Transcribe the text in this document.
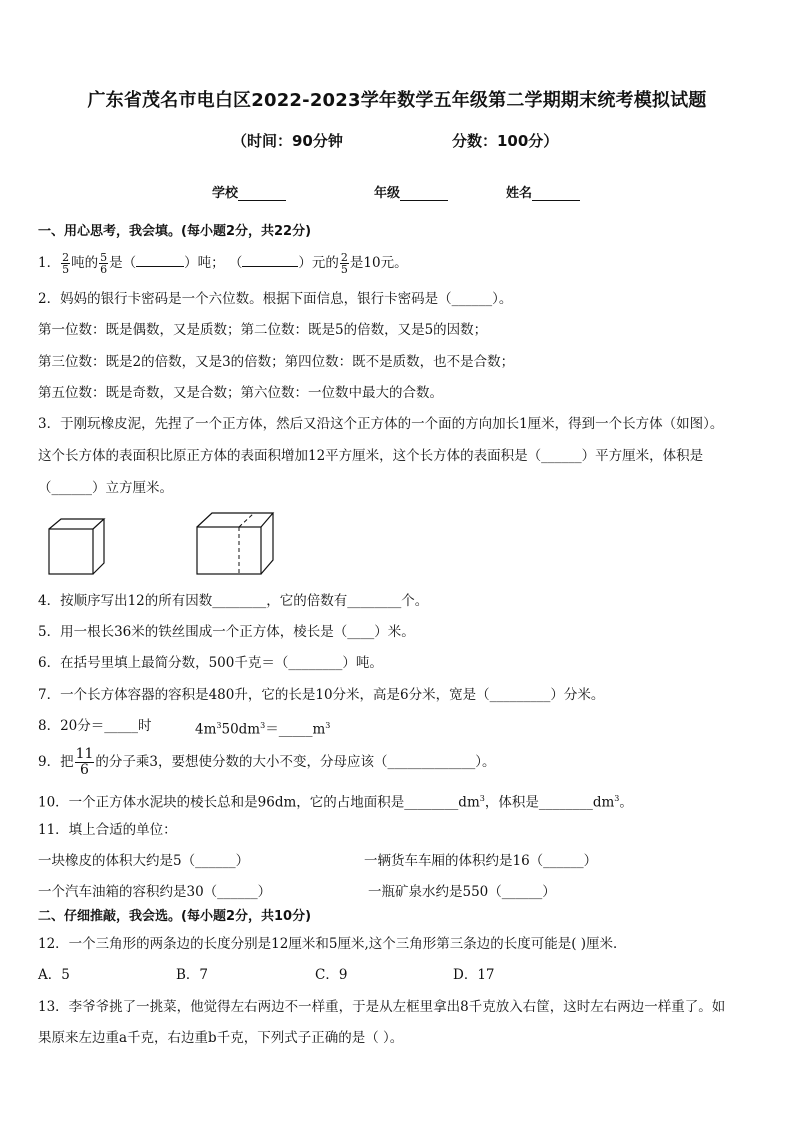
广东省茂名市电白区2022-2023学年数学五年级第二学期期末统考模拟试题
（时间：90分钟	分数：100分）
学校	年级	姓名
一、用心思考，我会填。(每小题2分，共22分)
1． $\frac{2}{5}$ 吨的 $\frac{5}{6}$ 是（	）吨； （	）元的 $\frac{2}{5}$ 是10元。
2．妈妈的银行卡密码是一个六位数。根据下面信息，银行卡密码是（______）。
第一位数：既是偶数，又是质数；第二位数：既是5的倍数，又是5的因数；
第三位数：既是2的倍数，又是3的倍数；第四位数：既不是质数，也不是合数；
第五位数：既是奇数，又是合数；第六位数：一位数中最大的合数。
3．于刚玩橡皮泥，先捏了一个正方体，然后又沿这个正方体的一个面的方向加长1厘米，得到一个长方体（如图）。
这个长方体的表面积比原正方体的表面积增加12平方厘米，这个长方体的表面积是（______）平方厘米，体积是
（______）立方厘米。
4．按顺序写出12的所有因数________，它的倍数有________个。
5．用一根长36米的铁丝围成一个正方体，棱长是（____）米。
6．在括号里填上最简分数，500千克＝（________）吨。
7．一个长方体容器的容积是480升，它的长是10分米，高是6分米，宽是（_________）分米。
8．20分＝_____时	$4m^350dm^3=\_\_\_\_\_m^3$
9．把 $\frac{11}{6}$ 的分子乘3，要想使分数的大小不变，分母应该（_____________）。
10．一个正方体水泥块的棱长总和是96dm，它的占地面积是$\_\_\_\_\_\_\_\_dm^3$，体积是$\_\_\_\_\_\_\_\_dm^3$。
11．填上合适的单位：
一块橡皮的体积大约是5（______）	一辆货车车厢的体积约是16（______）
一个汽车油箱的容积约是30（______）	一瓶矿泉水约是550（______）
二、仔细推敲，我会选。(每小题2分，共10分)
12．一个三角形的两条边的长度分别是12厘米和5厘米,这个三角形第三条边的长度可能是( )厘米．
A．5	B．7	C．9	D．17
13．李爷爷挑了一挑菜，他觉得左右两边不一样重，于是从左框里拿出8千克放入右筐，这时左右两边一样重了。如
果原来左边重a千克，右边重b千克，下列式子正确的是（ ）。
